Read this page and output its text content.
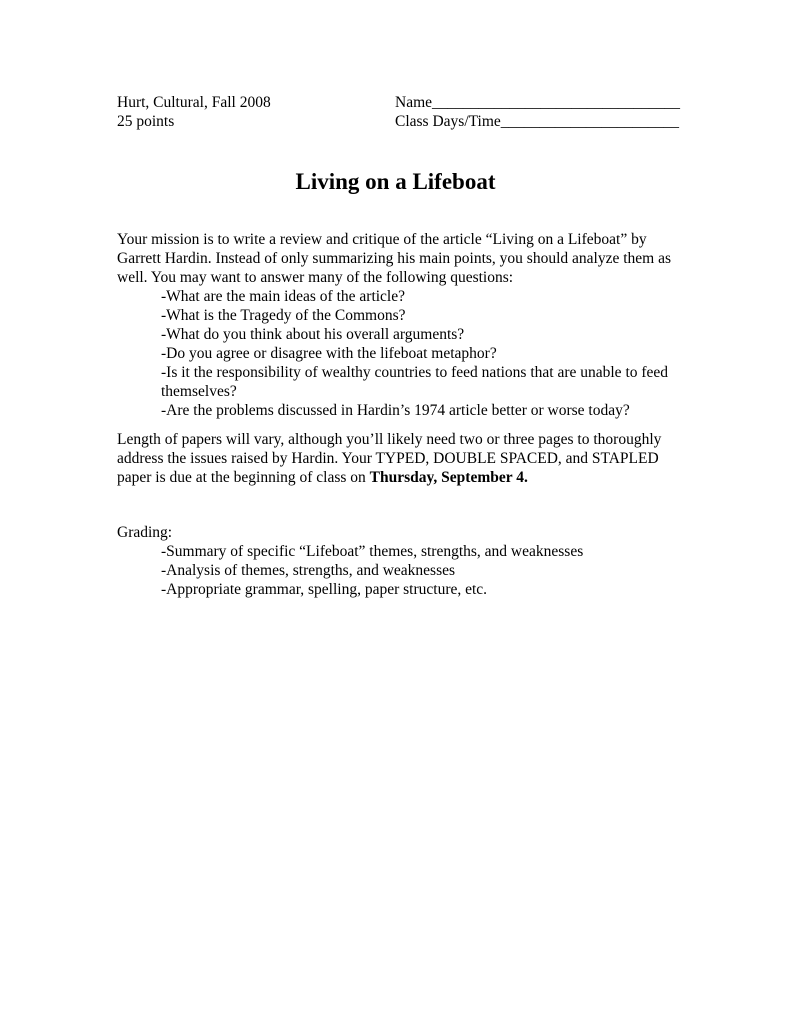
Hurt, Cultural, Fall 2008
25 points
Name________________________________
Class Days/Time_______________________
Living on a Lifeboat
Your mission is to write a review and critique of the article “Living on a Lifeboat” by
Garrett Hardin. Instead of only summarizing his main points, you should analyze them as
well. You may want to answer many of the following questions:
-What are the main ideas of the article?
-What is the Tragedy of the Commons?
-What do you think about his overall arguments?
-Do you agree or disagree with the lifeboat metaphor?
-Is it the responsibility of wealthy countries to feed nations that are unable to feed
themselves?
-Are the problems discussed in Hardin’s 1974 article better or worse today?
Length of papers will vary, although you’ll likely need two or three pages to thoroughly
address the issues raised by Hardin. Your TYPED, DOUBLE SPACED, and STAPLED
paper is due at the beginning of class on Thursday, September 4.
Grading:
-Summary of specific “Lifeboat” themes, strengths, and weaknesses
-Analysis of themes, strengths, and weaknesses
-Appropriate grammar, spelling, paper structure, etc.
